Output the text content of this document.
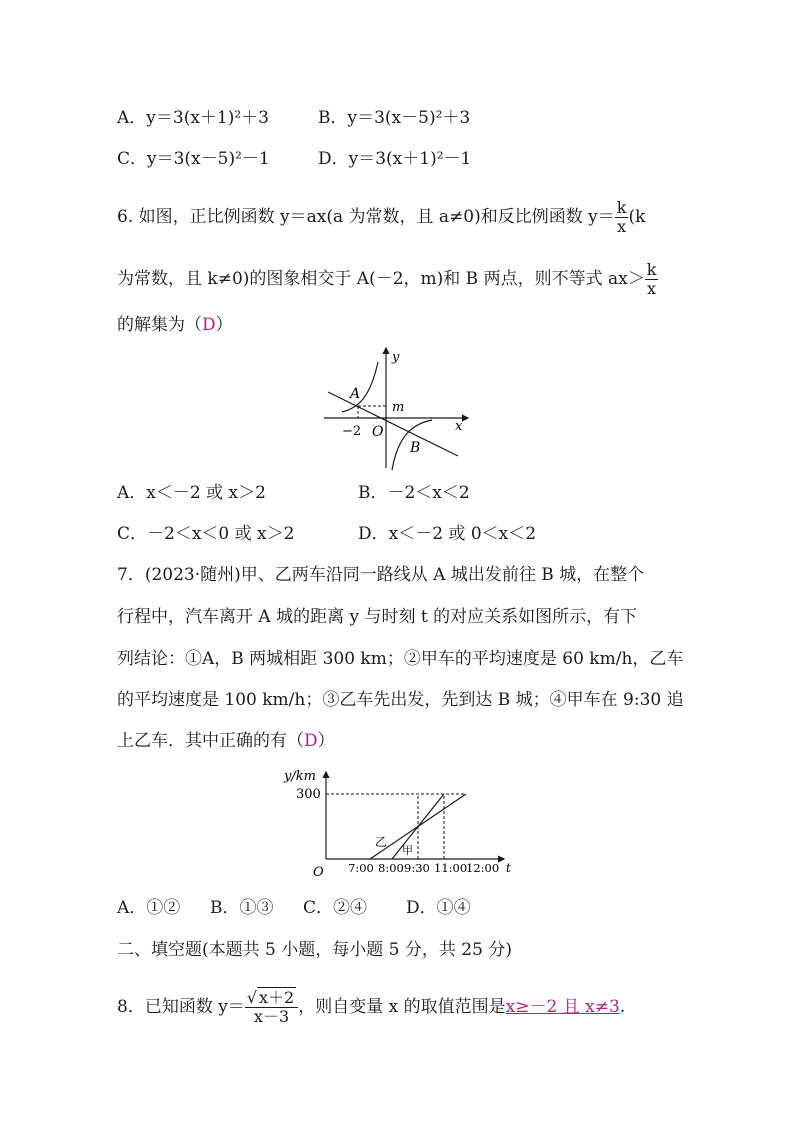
A．y＝3(x＋1)²＋3	B．y＝3(x－5)²＋3
C．y＝3(x－5)²－1	D．y＝3(x＋1)²－1
6. 如图，正比例函数 y＝ax(a 为常数，且 a≠0)和反比例函数 $y= \frac{k}{x} (k$
为常数，且 k≠0)的图象相交于 A(－2，m)和 B 两点，则不等式 $ax> \frac{k}{x}$
的解集为（D）
y
x
O
A
B
m
−2
A．x＜－2 或 x＞2	B．－2＜x＜2
C．－2＜x＜0 或 x＞2	D．x＜－2 或 0＜x＜2
7．(2023·随州)甲、乙两车沿同一路线从 A 城出发前往 B 城，在整个
行程中，汽车离开 A 城的距离 y 与时刻 t 的对应关系如图所示，有下
列结论：①A，B 两城相距 300 km；②甲车的平均速度是 60 km/h，乙车
的平均速度是 100 km/h；③乙车先出发，先到达 B 城；④甲车在 9:30 追
上乙车．其中正确的有（D）
y/km
300
O	t
7:00 8:00 9:30 11:00
12:00
乙
甲
A．①② B．①③ C．②④ D．①④
二、填空题(本题共 5 小题，每小题 5 分，共 25 分)
8．已知函数 $y= \frac{√ x+2}{x-3}$ ，则自变量 x 的取值范围是x≥－2 且 x≠3.
